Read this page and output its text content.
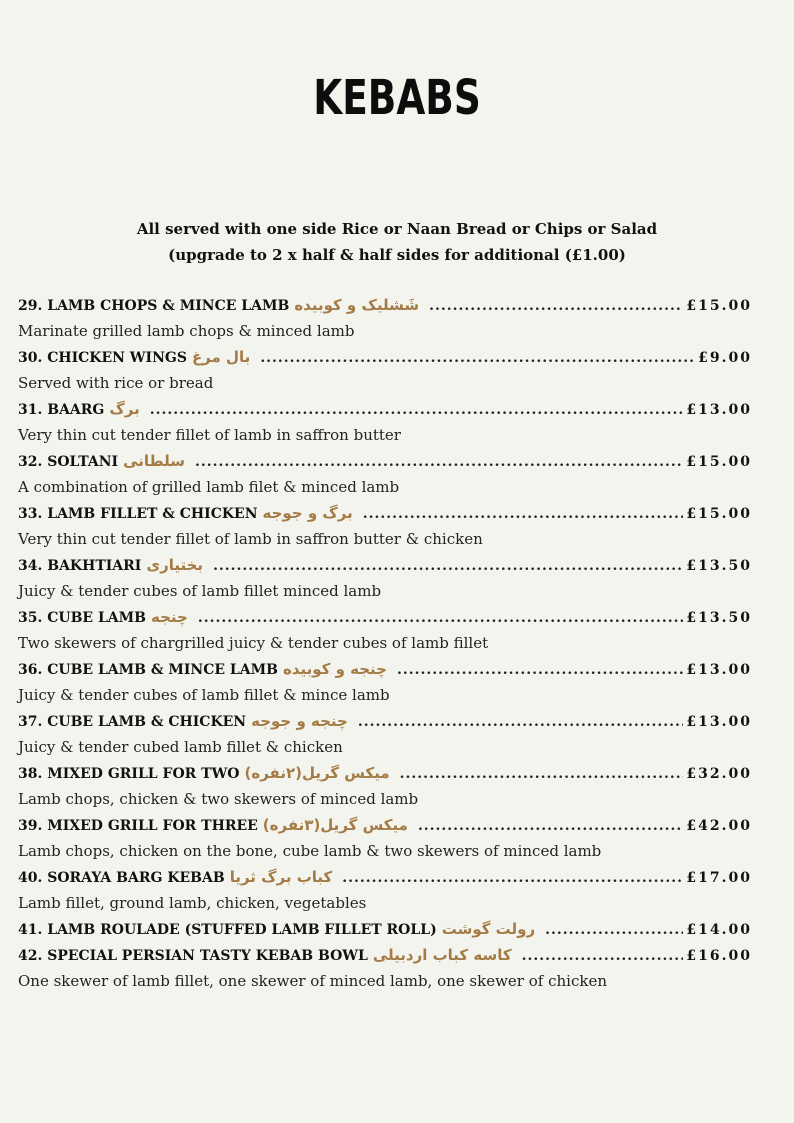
KEBABS
All served with one side Rice or Naan Bread or Chips or Salad
(upgrade to 2 x half & half sides for additional (£1.00)
29. LAMB CHOPS & MINCE LAMB شَشلیک و کوبیده .....	£15.00
Marinate grilled lamb chops & minced lamb
30. CHICKEN WINGS بال مرغ .....	£9.00
Served with rice or bread
31. BAARG برگ .....	£13.00
Very thin cut tender fillet of lamb in saffron butter
32. SOLTANI سلطانی .....	£15.00
A combination of grilled lamb filet & minced lamb
33. LAMB FILLET & CHICKEN برگ و جوجه .....	£15.00
Very thin cut tender fillet of lamb in saffron butter & chicken
34. BAKHTIARI بختیاری .....	£13.50
Juicy & tender cubes of lamb fillet minced lamb
35. CUBE LAMB چنجه .....	£13.50
Two skewers of chargrilled juicy & tender cubes of lamb fillet
36. CUBE LAMB & MINCE LAMB چنجه و کوبیده .....	£13.00
Juicy & tender cubes of lamb fillet & mince lamb
37. CUBE LAMB & CHICKEN چنجه و جوجه .....	£13.00
Juicy & tender cubed lamb fillet & chicken
38. MIXED GRILL FOR TWO میکس گریل(۲نفره) .....	£32.00
Lamb chops, chicken & two skewers of minced lamb
39. MIXED GRILL FOR THREE میکس گریل(۳نفره) .....	£42.00
Lamb chops, chicken on the bone, cube lamb & two skewers of minced lamb
40. SORAYA BARG KEBAB کباب برگ ثریا .....	£17.00
Lamb fillet, ground lamb, chicken, vegetables
41. LAMB ROULADE (STUFFED LAMB FILLET ROLL) رولت گوشت .....	£14.00
42. SPECIAL PERSIAN TASTY KEBAB BOWL کاسه کباب اردبیلی .....	£16.00
One skewer of lamb fillet, one skewer of minced lamb, one skewer of chicken
